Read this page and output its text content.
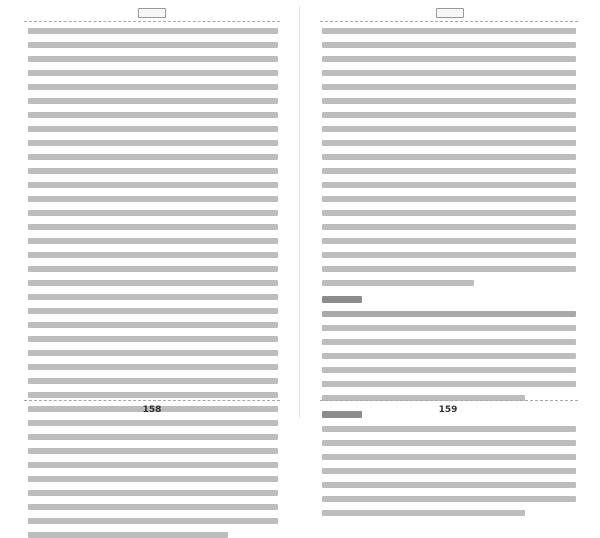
158	159
